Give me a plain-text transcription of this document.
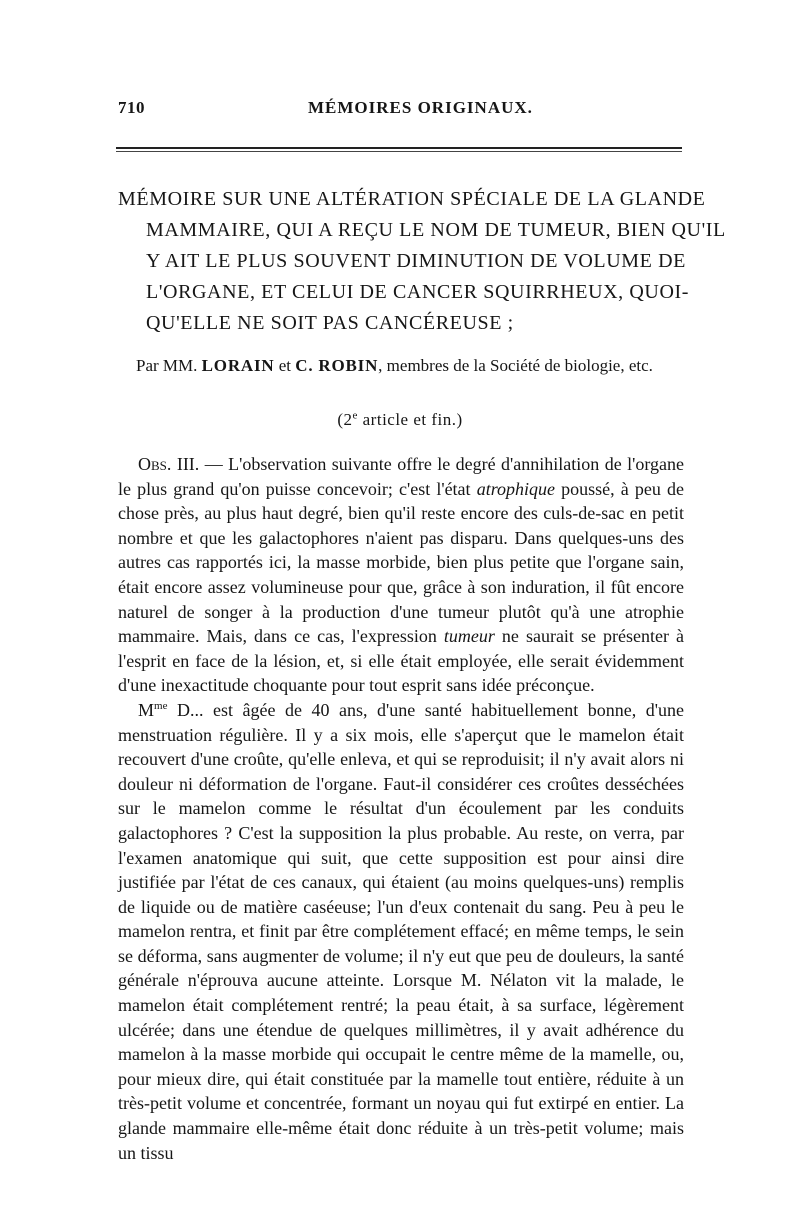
710	MÉMOIRES ORIGINAUX.
MÉMOIRE SUR UNE ALTÉRATION SPÉCIALE DE LA GLANDE
MAMMAIRE, QUI A REÇU LE NOM DE TUMEUR, BIEN QU'IL
Y AIT LE PLUS SOUVENT DIMINUTION DE VOLUME DE
L'ORGANE, ET CELUI DE CANCER SQUIRRHEUX, QUOI-
QU'ELLE NE SOIT PAS CANCÉREUSE ;
Par MM. LORAIN et C. ROBIN, membres de la Société de biologie, etc.
(2e article et fin.)

Obs. III. — L'observation suivante offre le degré d'annihilation de l'organe le plus grand qu'on puisse concevoir; c'est l'état atrophique poussé, à peu de chose près, au plus haut degré, bien qu'il reste encore des culs-de-sac en petit nombre et que les galactophores n'aient pas disparu. Dans quelques-uns des autres cas rapportés ici, la masse morbide, bien plus petite que l'organe sain, était encore assez volumineuse pour que, grâce à son induration, il fût encore naturel de songer à la production d'une tumeur plutôt qu'à une atrophie mammaire. Mais, dans ce cas, l'expression tumeur ne saurait se présenter à l'esprit en face de la lésion, et, si elle était employée, elle serait évidemment d'une inexactitude choquante pour tout esprit sans idée préconçue.

$M^{me}$ D... est âgée de 40 ans, d'une santé habituellement bonne, d'une menstruation régulière. Il y a six mois, elle s'aperçut que le mamelon était recouvert d'une croûte, qu'elle enleva, et qui se reproduisit; il n'y avait alors ni douleur ni déformation de l'organe. Faut-il considérer ces croûtes desséchées sur le mamelon comme le résultat d'un écoulement par les conduits galactophores ? C'est la supposition la plus probable. Au reste, on verra, par l'examen anatomique qui suit, que cette supposition est pour ainsi dire justifiée par l'état de ces canaux, qui étaient (au moins quelques-uns) remplis de liquide ou de matière caséeuse; l'un d'eux contenait du sang. Peu à peu le mamelon rentra, et finit par être complétement effacé; en même temps, le sein se déforma, sans augmenter de volume; il n'y eut que peu de douleurs, la santé générale n'éprouva aucune atteinte. Lorsque M. Nélaton vit la malade, le mamelon était complétement rentré; la peau était, à sa surface, légèrement ulcérée; dans une étendue de quelques millimètres, il y avait adhérence du mamelon à la masse morbide qui occupait le centre même de la mamelle, ou, pour mieux dire, qui était constituée par la mamelle tout entière, réduite à un très-petit volume et concentrée, formant un noyau qui fut extirpé en entier. La glande mammaire elle-même était donc réduite à un très-petit volume; mais un tissu
